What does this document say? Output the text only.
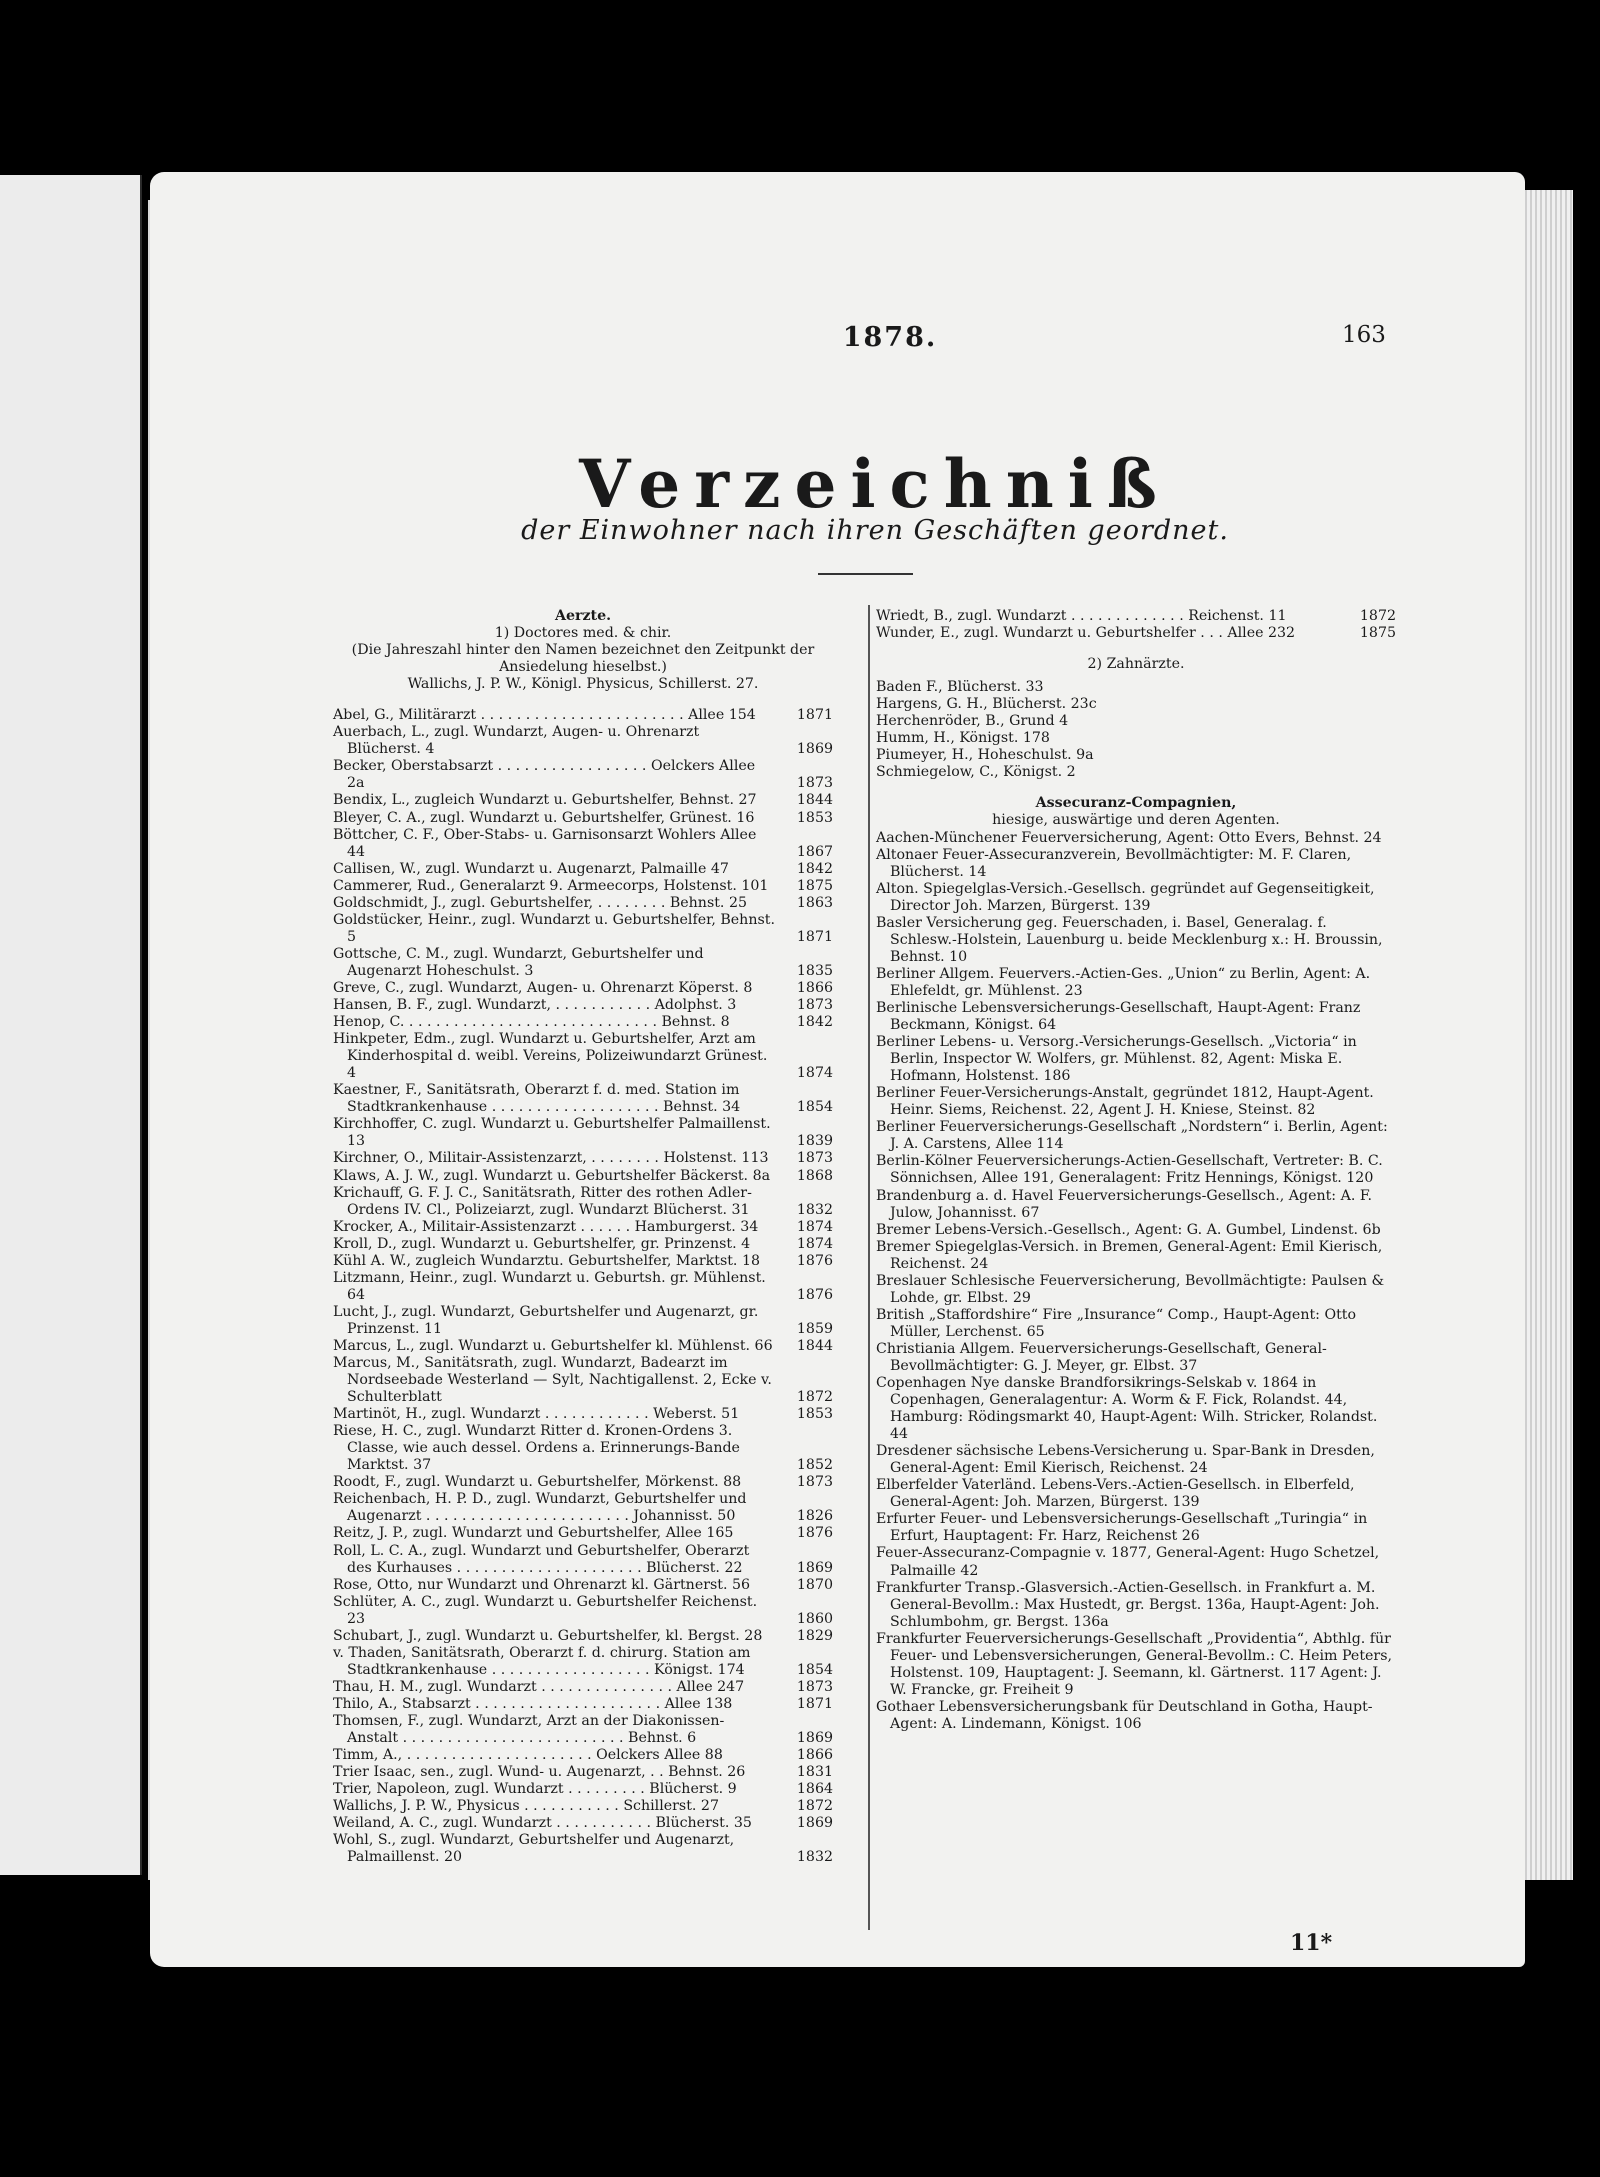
1878.	163
Verzeichniß
der Einwohner nach ihren Geschäften geordnet.
Aerzte.
1) Doctores med. & chir.
(Die Jahreszahl hinter den Namen bezeichnet den Zeitpunkt der Ansiedelung hieselbst.)
Wallichs, J. P. W., Königl. Physicus, Schillerst. 27.
Abel, G., Militärarzt . . . . . . . . . . . . . . . . . . . . . . . Allee 154	1871
Auerbach, L., zugl. Wundarzt, Augen- u. Ohrenarzt Blücherst. 4	1869
Becker, Oberstabsarzt . . . . . . . . . . . . . . . . . Oelckers Allee 2a	1873
Bendix, L., zugleich Wundarzt u. Geburtshelfer, Behnst. 27	1844
Bleyer, C. A., zugl. Wundarzt u. Geburtshelfer, Grünest. 16	1853
Böttcher, C. F., Ober-Stabs- u. Garnisonsarzt Wohlers Allee 44	1867
Callisen, W., zugl. Wundarzt u. Augenarzt, Palmaille 47	1842
Cammerer, Rud., Generalarzt 9. Armeecorps, Holstenst. 101 1875
Goldschmidt, J., zugl. Geburtshelfer, . . . . . . . . Behnst. 25	1863
Goldstücker, Heinr., zugl. Wundarzt u. Geburtshelfer, Behnst. 5	1871
Gottsche, C. M., zugl. Wundarzt, Geburtshelfer und Augenarzt Hoheschulst. 3	1835
Greve, C., zugl. Wundarzt, Augen- u. Ohrenarzt Köperst. 8	1866
Hansen, B. F., zugl. Wundarzt, . . . . . . . . . . . Adolphst. 3	1873
Henop, C. . . . . . . . . . . . . . . . . . . . . . . . . . . . . Behnst. 8	1842
Hinkpeter, Edm., zugl. Wundarzt u. Geburtshelfer, Arzt am Kinderhospital d. weibl. Vereins, Polizeiwundarzt Grünest. 4	1874
Kaestner, F., Sanitätsrath, Oberarzt f. d. med. Station im Stadtkrankenhause . . . . . . . . . . . . . . . . . . . Behnst. 34	1854
Kirchhoffer, C. zugl. Wundarzt u. Geburtshelfer Palmaillenst. 13	1839
Kirchner, O., Militair-Assistenzarzt, . . . . . . . . Holstenst. 113 1873
Klaws, A. J. W., zugl. Wundarzt u. Geburtshelfer Bäckerst. 8a 1868
Krichauff, G. F. J. C., Sanitätsrath, Ritter des rothen Adler-Ordens IV. Cl., Polizeiarzt, zugl. Wundarzt Blücherst. 31	1832
Krocker, A., Militair-Assistenzarzt . . . . . . Hamburgerst. 34	1874
Kroll, D., zugl. Wundarzt u. Geburtshelfer, gr. Prinzenst. 4	1874
Kühl A. W., zugleich Wundarztu. Geburtshelfer, Marktst. 18	1876
Litzmann, Heinr., zugl. Wundarzt u. Geburtsh. gr. Mühlenst. 64	1876
Lucht, J., zugl. Wundarzt, Geburtshelfer und Augenarzt, gr. Prinzenst. 11	1859
Marcus, L., zugl. Wundarzt u. Geburtshelfer kl. Mühlenst. 66 1844
Marcus, M., Sanitätsrath, zugl. Wundarzt, Badearzt im Nordseebade Westerland — Sylt, Nachtigallenst. 2, Ecke v. Schulterblatt	1872
Martinöt, H., zugl. Wundarzt . . . . . . . . . . . . Weberst. 51	1853
Riese, H. C., zugl. Wundarzt Ritter d. Kronen-Ordens 3. Classe, wie auch dessel. Ordens a. Erinnerungs-Bande Marktst. 37	1852
Roodt, F., zugl. Wundarzt u. Geburtshelfer, Mörkenst. 88	1873
Reichenbach, H. P. D., zugl. Wundarzt, Geburtshelfer und Augenarzt . . . . . . . . . . . . . . . . . . . . . . . Johannisst. 50	1826
Reitz, J. P., zugl. Wundarzt und Geburtshelfer, Allee 165	1876
Roll, L. C. A., zugl. Wundarzt und Geburtshelfer, Oberarzt des Kurhauses . . . . . . . . . . . . . . . . . . . . . Blücherst. 22	1869
Rose, Otto, nur Wundarzt und Ohrenarzt kl. Gärtnerst. 56	1870
Schlüter, A. C., zugl. Wundarzt u. Geburtshelfer Reichenst. 23	1860
Schubart, J., zugl. Wundarzt u. Geburtshelfer, kl. Bergst. 28 1829
v. Thaden, Sanitätsrath, Oberarzt f. d. chirurg. Station am Stadtkrankenhause . . . . . . . . . . . . . . . . . . Königst. 174	1854
Thau, H. M., zugl. Wundarzt . . . . . . . . . . . . . . . Allee 247	1873
Thilo, A., Stabsarzt . . . . . . . . . . . . . . . . . . . . . Allee 138	1871
Thomsen, F., zugl. Wundarzt, Arzt an der Diakonissen-Anstalt . . . . . . . . . . . . . . . . . . . . . . . . . Behnst. 6	1869
Timm, A., . . . . . . . . . . . . . . . . . . . . . Oelckers Allee 88	1866
Trier Isaac, sen., zugl. Wund- u. Augenarzt, . . Behnst. 26	1831
Trier, Napoleon, zugl. Wundarzt . . . . . . . . . Blücherst. 9	1864
Wallichs, J. P. W., Physicus . . . . . . . . . . . Schillerst. 27	1872
Weiland, A. C., zugl. Wundarzt . . . . . . . . . . . Blücherst. 35	1869
Wohl, S., zugl. Wundarzt, Geburtshelfer und Augenarzt, Palmaillenst. 20	1832
Wriedt, B., zugl. Wundarzt . . . . . . . . . . . . . Reichenst. 11	1872
Wunder, E., zugl. Wundarzt u. Geburtshelfer . . . Allee 232	1875
2) Zahnärzte.
Baden F., Blücherst. 33
Hargens, G. H., Blücherst. 23c
Herchenröder, B., Grund 4
Humm, H., Königst. 178
Piumeyer, H., Hoheschulst. 9a
Schmiegelow, C., Königst. 2
Assecuranz-Compagnien,
hiesige, auswärtige und deren Agenten.
Aachen-Münchener Feuerversicherung, Agent: Otto Evers, Behnst. 24
Altonaer Feuer-Assecuranzverein, Bevollmächtigter: M. F. Claren, Blücherst. 14
Alton. Spiegelglas-Versich.-Gesellsch. gegründet auf Gegenseitigkeit, Director Joh. Marzen, Bürgerst. 139
Basler Versicherung geg. Feuerschaden, i. Basel, Generalag. f. Schlesw.-Holstein, Lauenburg u. beide Mecklenburg x.: H. Broussin, Behnst. 10
Berliner Allgem. Feuervers.-Actien-Ges. „Union“ zu Berlin, Agent: A. Ehlefeldt, gr. Mühlenst. 23
Berlinische Lebensversicherungs-Gesellschaft, Haupt-Agent: Franz Beckmann, Königst. 64
Berliner Lebens- u. Versorg.-Versicherungs-Gesellsch. „Victoria“ in Berlin, Inspector W. Wolfers, gr. Mühlenst. 82, Agent: Miska E. Hofmann, Holstenst. 186
Berliner Feuer-Versicherungs-Anstalt, gegründet 1812, Haupt-Agent. Heinr. Siems, Reichenst. 22, Agent J. H. Kniese, Steinst. 82
Berliner Feuerversicherungs-Gesellschaft „Nordstern“ i. Berlin, Agent: J. A. Carstens, Allee 114
Berlin-Kölner Feuerversicherungs-Actien-Gesellschaft, Vertreter: B. C. Sönnichsen, Allee 191, Generalagent: Fritz Hennings, Königst. 120
Brandenburg a. d. Havel Feuerversicherungs-Gesellsch., Agent: A. F. Julow, Johannisst. 67
Bremer Lebens-Versich.-Gesellsch., Agent: G. A. Gumbel, Lindenst. 6b
Bremer Spiegelglas-Versich. in Bremen, General-Agent: Emil Kierisch, Reichenst. 24
Breslauer Schlesische Feuerversicherung, Bevollmächtigte: Paulsen & Lohde, gr. Elbst. 29
British „Staffordshire“ Fire „Insurance“ Comp., Haupt-Agent: Otto Müller, Lerchenst. 65
Christiania Allgem. Feuerversicherungs-Gesellschaft, General-Bevollmächtigter: G. J. Meyer, gr. Elbst. 37
Copenhagen Nye danske Brandforsikrings-Selskab v. 1864 in Copenhagen, Generalagentur: A. Worm & F. Fick, Rolandst. 44, Hamburg: Rödingsmarkt 40, Haupt-Agent: Wilh. Stricker, Rolandst. 44
Dresdener sächsische Lebens-Versicherung u. Spar-Bank in Dresden, General-Agent: Emil Kierisch, Reichenst. 24
Elberfelder Vaterländ. Lebens-Vers.-Actien-Gesellsch. in Elberfeld, General-Agent: Joh. Marzen, Bürgerst. 139
Erfurter Feuer- und Lebensversicherungs-Gesellschaft „Turingia“ in Erfurt, Hauptagent: Fr. Harz, Reichenst 26
Feuer-Assecuranz-Compagnie v. 1877, General-Agent: Hugo Schetzel, Palmaille 42
Frankfurter Transp.-Glasversich.-Actien-Gesellsch. in Frankfurt a. M. General-Bevollm.: Max Hustedt, gr. Bergst. 136a, Haupt-Agent: Joh. Schlumbohm, gr. Bergst. 136a
Frankfurter Feuerversicherungs-Gesellschaft „Providentia“, Abthlg. für Feuer- und Lebensversicherungen, General-Bevollm.: C. Heim Peters, Holstenst. 109, Hauptagent: J. Seemann, kl. Gärtnerst. 117 Agent: J. W. Francke, gr. Freiheit 9
Gothaer Lebensversicherungsbank für Deutschland in Gotha, Haupt-Agent: A. Lindemann, Königst. 106
11*
